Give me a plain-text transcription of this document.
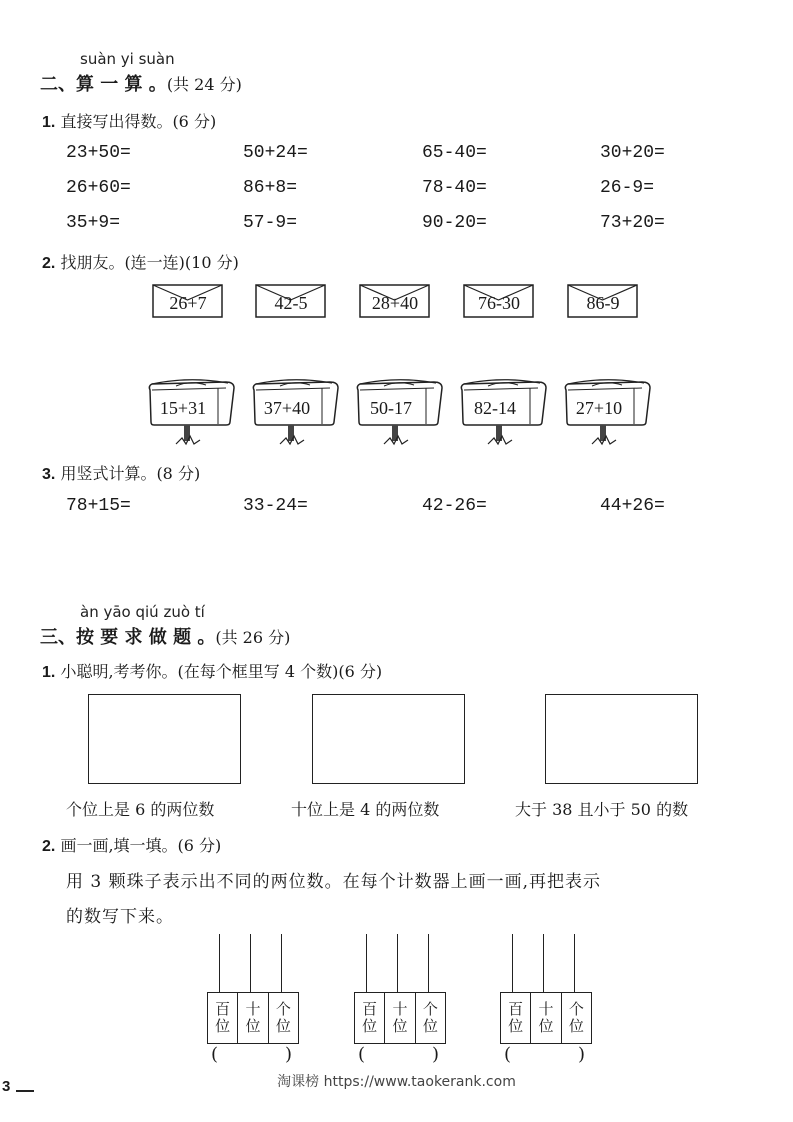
suàn yi suàn
二、算 一 算 。(共 24 分)
1. 直接写出得数。(6 分)
23+50=	50+24=	65-40=	30+20=
26+60=	86+8=	78-40=	26-9=
35+9=	57-9=	90-20=	73+20=
2. 找朋友。(连一连)(10 分)
26+7	42-5	28+40	76-30	86-9
15+31	37+40	50-17	82-14	27+10
3. 用竖式计算。(8 分)
78+15=	33-24=	42-26=	44+26=
àn yāo qiú zuò tí
三、按 要 求 做 题 。(共 26 分)
1. 小聪明,考考你。(在每个框里写 4 个数)(6 分)
个位上是 6 的两位数	十位上是 4 的两位数	大于 38 且小于 50 的数
2. 画一画,填一填。(6 分)
用 3 颗珠子表示出不同的两位数。在每个计数器上画一画,再把表示
的数写下来。
百
位
十
位
个
位
(	)
百
位
十
位
个
位
(	)
百
位
十
位
个
位
(	)
3	淘课榜 https://www.taokerank.com
